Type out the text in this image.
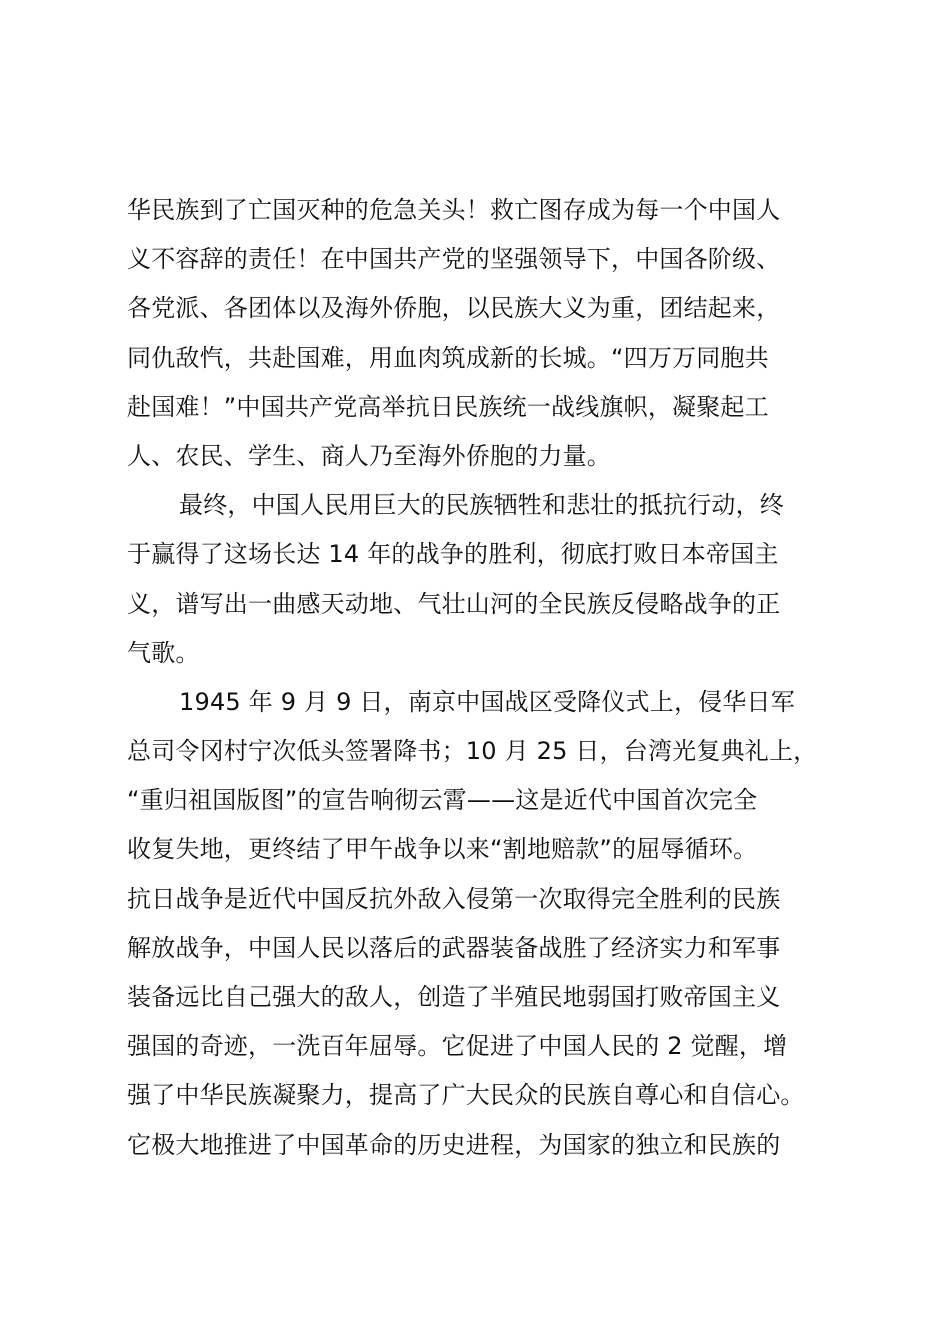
华民族到了亡国灭种的危急关头！救亡图存成为每一个中国人
义不容辞的责任！在中国共产党的坚强领导下，中国各阶级、
各党派、各团体以及海外侨胞，以民族大义为重，团结起来，
同仇敌忾，共赴国难，用血肉筑成新的长城。“四万万同胞共
赴国难！”中国共产党高举抗日民族统一战线旗帜，凝聚起工
人、农民、学生、商人乃至海外侨胞的力量。
最终，中国人民用巨大的民族牺牲和悲壮的抵抗行动，终
于赢得了这场长达 14 年的战争的胜利，彻底打败日本帝国主
义，谱写出一曲感天动地、气壮山河的全民族反侵略战争的正
气歌。
1945 年 9 月 9 日，南京中国战区受降仪式上，侵华日军
总司令冈村宁次低头签署降书；10 月 25 日，台湾光复典礼上，
“重归祖国版图”的宣告响彻云霄——这是近代中国首次完全
收复失地，更终结了甲午战争以来“割地赔款”的屈辱循环。
抗日战争是近代中国反抗外敌入侵第一次取得完全胜利的民族
解放战争，中国人民以落后的武器装备战胜了经济实力和军事
装备远比自己强大的敌人，创造了半殖民地弱国打败帝国主义
强国的奇迹，一洗百年屈辱。它促进了中国人民的 2 觉醒，增
强了中华民族凝聚力，提高了广大民众的民族自尊心和自信心。
它极大地推进了中国革命的历史进程，为国家的独立和民族的
